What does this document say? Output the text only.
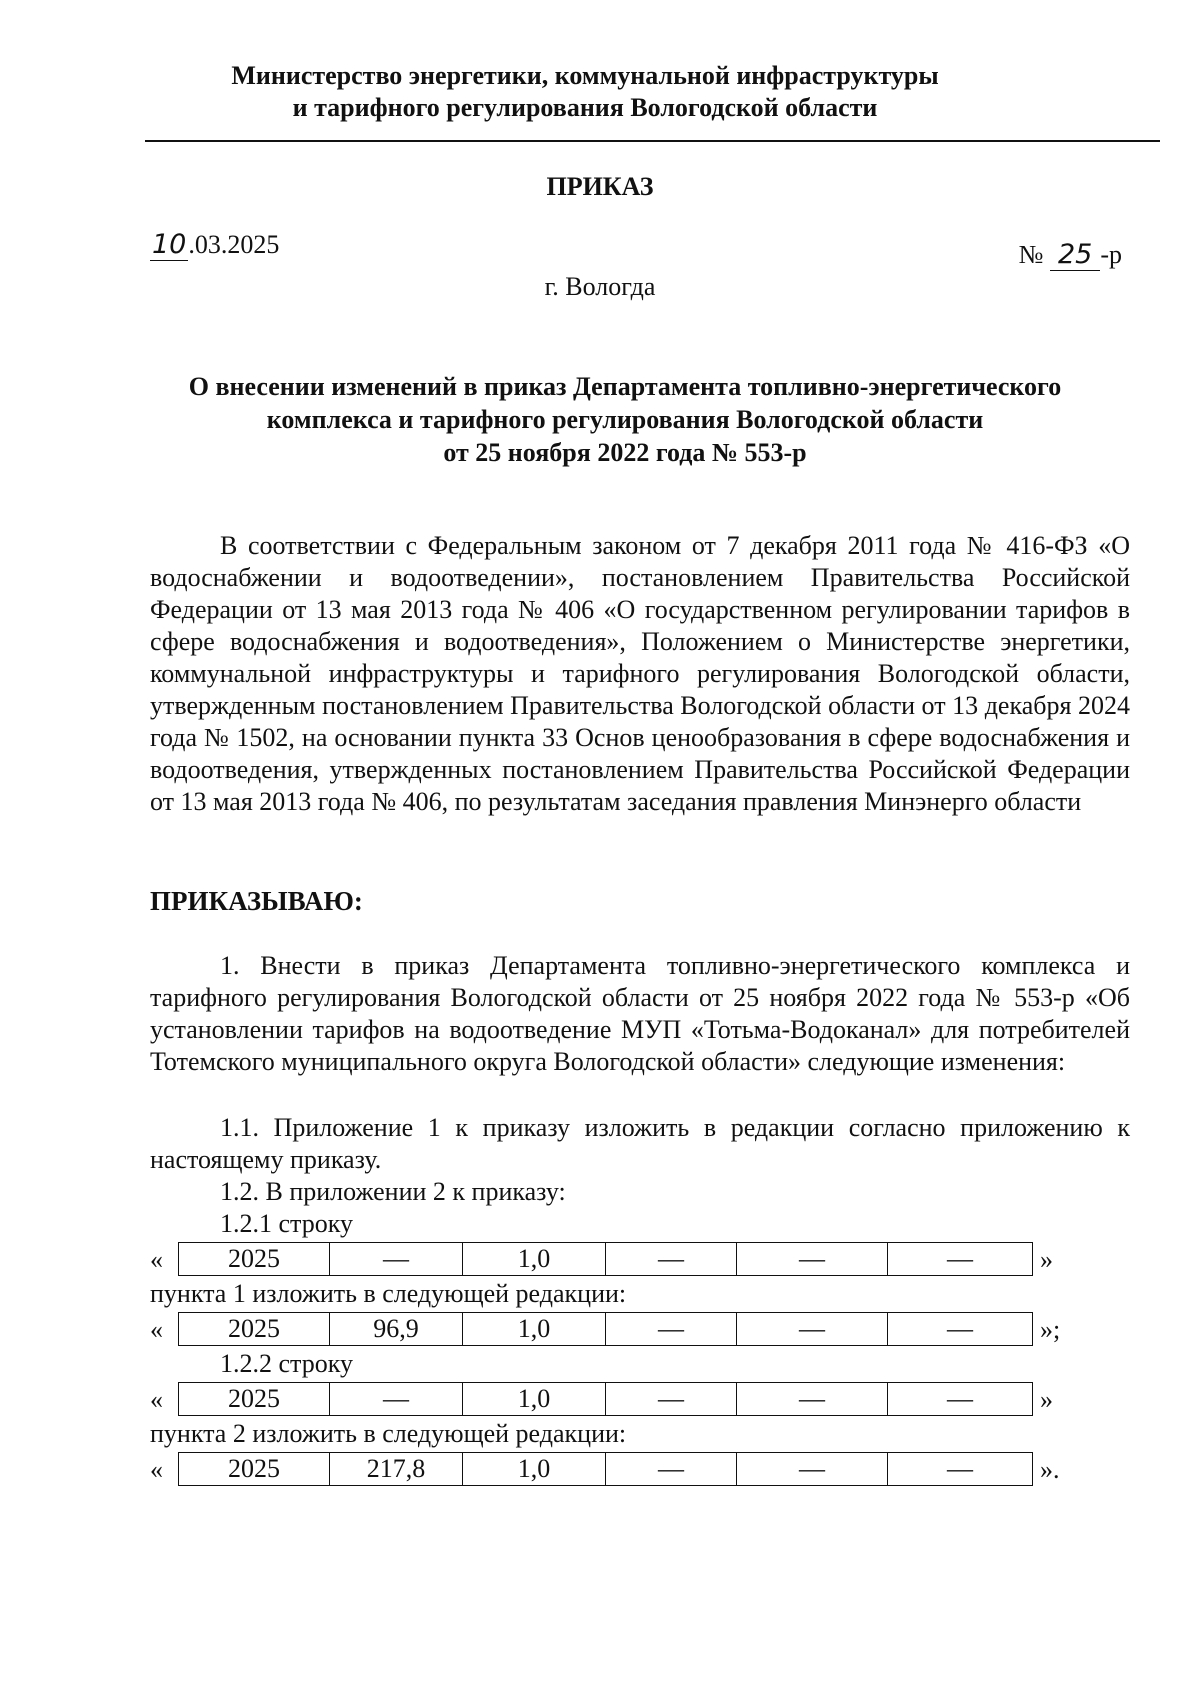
Министерство энергетики, коммунальной инфраструктуры
и тарифного регулирования Вологодской области
ПРИКАЗ
10.03.2025	№ 25 -р
г. Вологда
О внесении изменений в приказ Департамента топливно-энергетического
комплекса и тарифного регулирования Вологодской области
от 25 ноября 2022 года № 553-р
В соответствии с Федеральным законом от 7 декабря 2011 года № 416-ФЗ «О водоснабжении и водоотведении», постановлением Правительства Российской Федерации от 13 мая 2013 года № 406 «О государственном регулировании тарифов в сфере водоснабжения и водоотведения», Положением о Министерстве энергетики, коммунальной инфраструктуры и тарифного регулирования Вологодской области, утвержденным постановлением Правительства Вологодской области от 13 декабря 2024 года № 1502, на основании пункта 33 Основ ценообразования в сфере водоснабжения и водоотведения, утвержденных постановлением Правительства Российской Федерации от 13 мая 2013 года № 406, по результатам заседания правления Минэнерго области
ПРИКАЗЫВАЮ:
1. Внести в приказ Департамента топливно-энергетического комплекса и тарифного регулирования Вологодской области от 25 ноября 2022 года № 553-р «Об установлении тарифов на водоотведение МУП «Тотьма-Водоканал» для потребителей Тотемского муниципального округа Вологодской области» следующие изменения:
1.1. Приложение 1 к приказу изложить в редакции согласно приложению к настоящему приказу.
1.2. В приложении 2 к приказу:
1.2.1 строку
«	2025	—	1,0	—	—	—	»
пункта 1 изложить в следующей редакции:
«	2025	96,9	1,0	—	—	—	»;
1.2.2 строку
«	2025	—	1,0	—	—	—	»
пункта 2 изложить в следующей редакции:
«	2025	217,8	1,0	—	—	—	».
